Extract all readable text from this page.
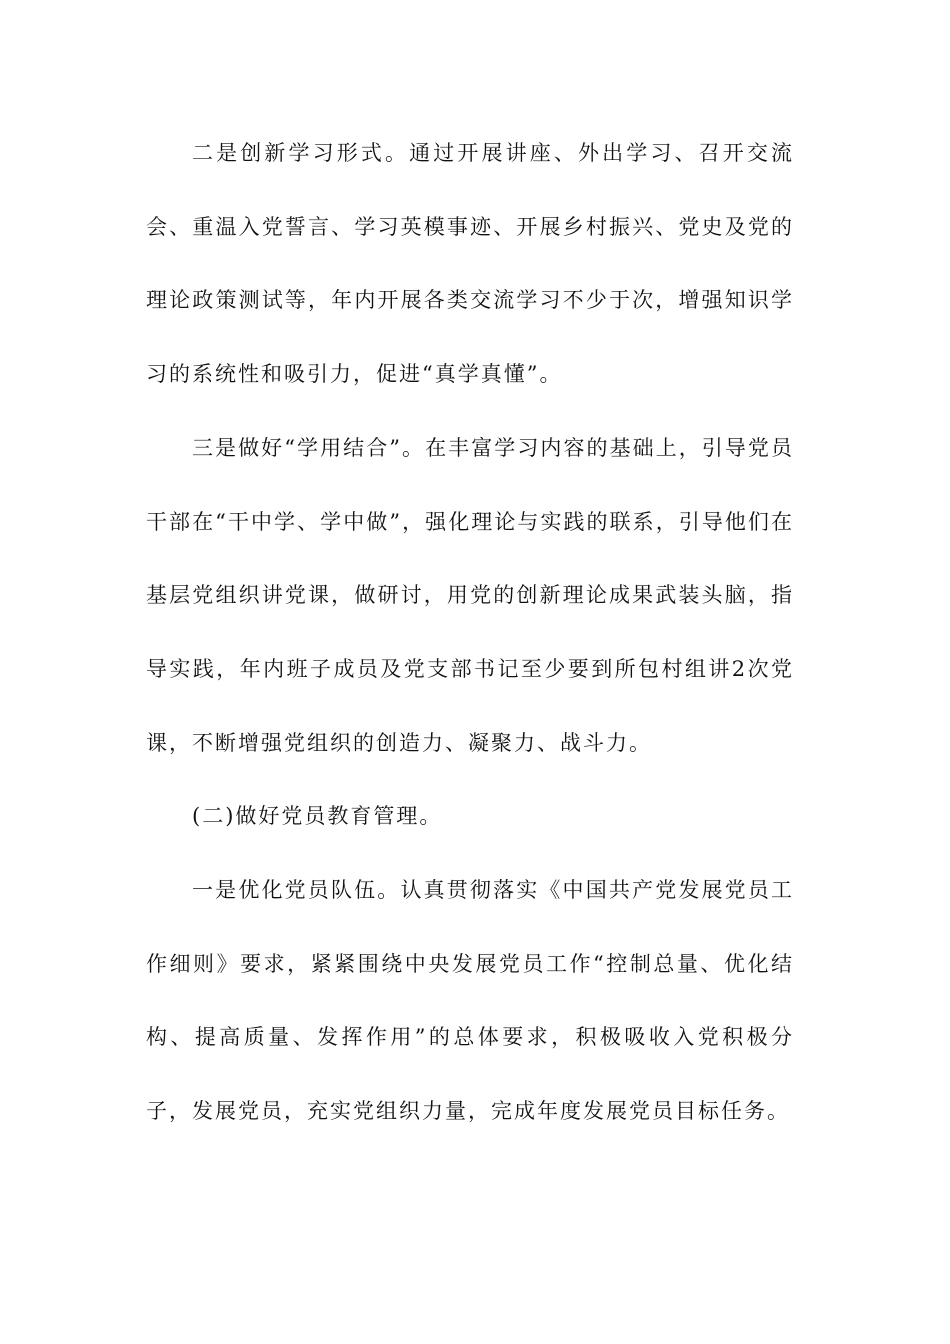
二是创新学习形式。通过开展讲座、外出学习、召开交流会、重温入党誓言、学习英模事迹、开展乡村振兴、党史及党的理论政策测试等，年内开展各类交流学习不少于次，增强知识学习的系统性和吸引力，促进“真学真懂”。

三是做好“学用结合”。在丰富学习内容的基础上，引导党员干部在“干中学、学中做”，强化理论与实践的联系，引导他们在基层党组织讲党课，做研讨，用党的创新理论成果武装头脑，指导实践，年内班子成员及党支部书记至少要到所包村组讲2次党课，不断增强党组织的创造力、凝聚力、战斗力。

(二)做好党员教育管理。

一是优化党员队伍。认真贯彻落实《中国共产党发展党员工作细则》要求，紧紧围绕中央发展党员工作“控制总量、优化结构、提高质量、发挥作用”的总体要求，积极吸收入党积极分子，发展党员，充实党组织力量，完成年度发展党员目标任务。
